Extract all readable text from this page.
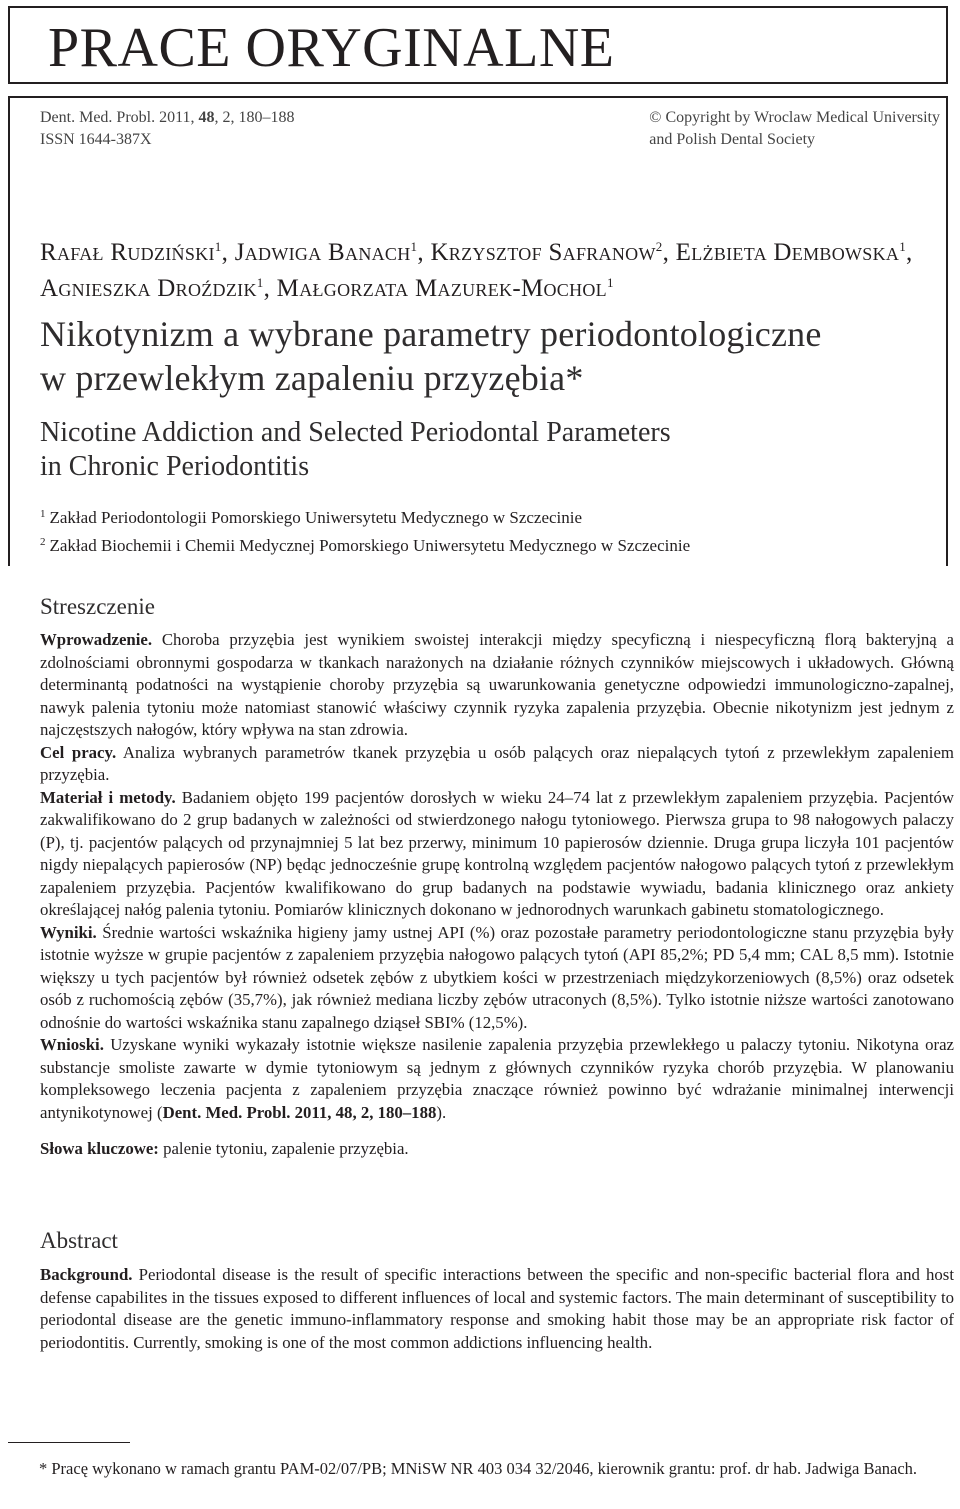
PRACE ORYGINALNE
Dent. Med. Probl. 2011, 48, 2, 180–188
ISSN 1644-387X
© Copyright by Wroclaw Medical University
and Polish Dental Society
Rafał Rudziński$^1$, Jadwiga Banach$^1$, Krzysztof Safranow$^2$, Elżbieta Dembowska$^1$,
Agnieszka Droździk$^1$, Małgorzata Mazurek-Mochol$^1$
Nikotynizm a wybrane parametry periodontologiczne
w przewlekłym zapaleniu przyzębia*
Nicotine Addiction and Selected Periodontal Parameters
in Chronic Periodontitis
$^1$ Zakład Periodontologii Pomorskiego Uniwersytetu Medycznego w Szczecinie
$^2$ Zakład Biochemii i Chemii Medycznej Pomorskiego Uniwersytetu Medycznego w Szczecinie
Streszczenie

Wprowadzenie. Choroba przyzębia jest wynikiem swoistej interakcji między specyficzną i niespecyficzną florą bakteryjną a zdolnościami obronnymi gospodarza w tkankach narażonych na działanie różnych czynników miejscowych i układowych. Główną determinantą podatności na wystąpienie choroby przyzębia są uwarunkowania genetyczne odpowiedzi immunologiczno-zapalnej, nawyk palenia tytoniu może natomiast stanowić właściwy czynnik ryzyka zapalenia przyzębia. Obecnie nikotynizm jest jednym z najczęstszych nałogów, który wpływa na stan zdrowia.

Cel pracy. Analiza wybranych parametrów tkanek przyzębia u osób palących oraz niepalących tytoń z przewlekłym zapaleniem przyzębia.

Materiał i metody. Badaniem objęto 199 pacjentów dorosłych w wieku 24–74 lat z przewlekłym zapaleniem przyzębia. Pacjentów zakwalifikowano do 2 grup badanych w zależności od stwierdzonego nałogu tytoniowego. Pierwsza grupa to 98 nałogowych palaczy (P), tj. pacjentów palących od przynajmniej 5 lat bez przerwy, minimum 10 papierosów dziennie. Druga grupa liczyła 101 pacjentów nigdy niepalących papierosów (NP) będąc jednocześnie grupę kontrolną względem pacjentów nałogowo palących tytoń z przewlekłym zapaleniem przyzębia. Pacjentów kwalifikowano do grup badanych na podstawie wywiadu, badania klinicznego oraz ankiety określającej nałóg palenia tytoniu. Pomiarów klinicznych dokonano w jednorodnych warunkach gabinetu stomatologicznego.

Wyniki. Średnie wartości wskaźnika higieny jamy ustnej API (%) oraz pozostałe parametry periodontologiczne stanu przyzębia były istotnie wyższe w grupie pacjentów z zapaleniem przyzębia nałogowo palących tytoń (API 85,2%; PD 5,4 mm; CAL 8,5 mm). Istotnie większy u tych pacjentów był również odsetek zębów z ubytkiem kości w przestrzeniach międzykorzeniowych (8,5%) oraz odsetek osób z ruchomością zębów (35,7%), jak również mediana liczby zębów utraconych (8,5%). Tylko istotnie niższe wartości zanotowano odnośnie do wartości wskaźnika stanu zapalnego dziąseł SBI% (12,5%).

Wnioski. Uzyskane wyniki wykazały istotnie większe nasilenie zapalenia przyzębia przewlekłego u palaczy tytoniu. Nikotyna oraz substancje smoliste zawarte w dymie tytoniowym są jednym z głównych czynników ryzyka chorób przyzębia. W planowaniu kompleksowego leczenia pacjenta z zapaleniem przyzębia znaczące również powinno być wdrażanie minimalnej interwencji antynikotynowej (Dent. Med. Probl. 2011, 48, 2, 180–188).

Słowa kluczowe: palenie tytoniu, zapalenie przyzębia.

Abstract

Background. Periodontal disease is the result of specific interactions between the specific and non-specific bacterial flora and host defense capabilites in the tissues exposed to different influences of local and systemic factors. The main determinant of susceptibility to periodontal disease are the genetic immuno-inflammatory response and smoking habit those may be an appropriate risk factor of periodontitis. Currently, smoking is one of the most common addictions influencing health.

* Pracę wykonano w ramach grantu PAM-02/07/PB; MNiSW NR 403 034 32/2046, kierownik grantu: prof. dr hab. Jadwiga Banach.
